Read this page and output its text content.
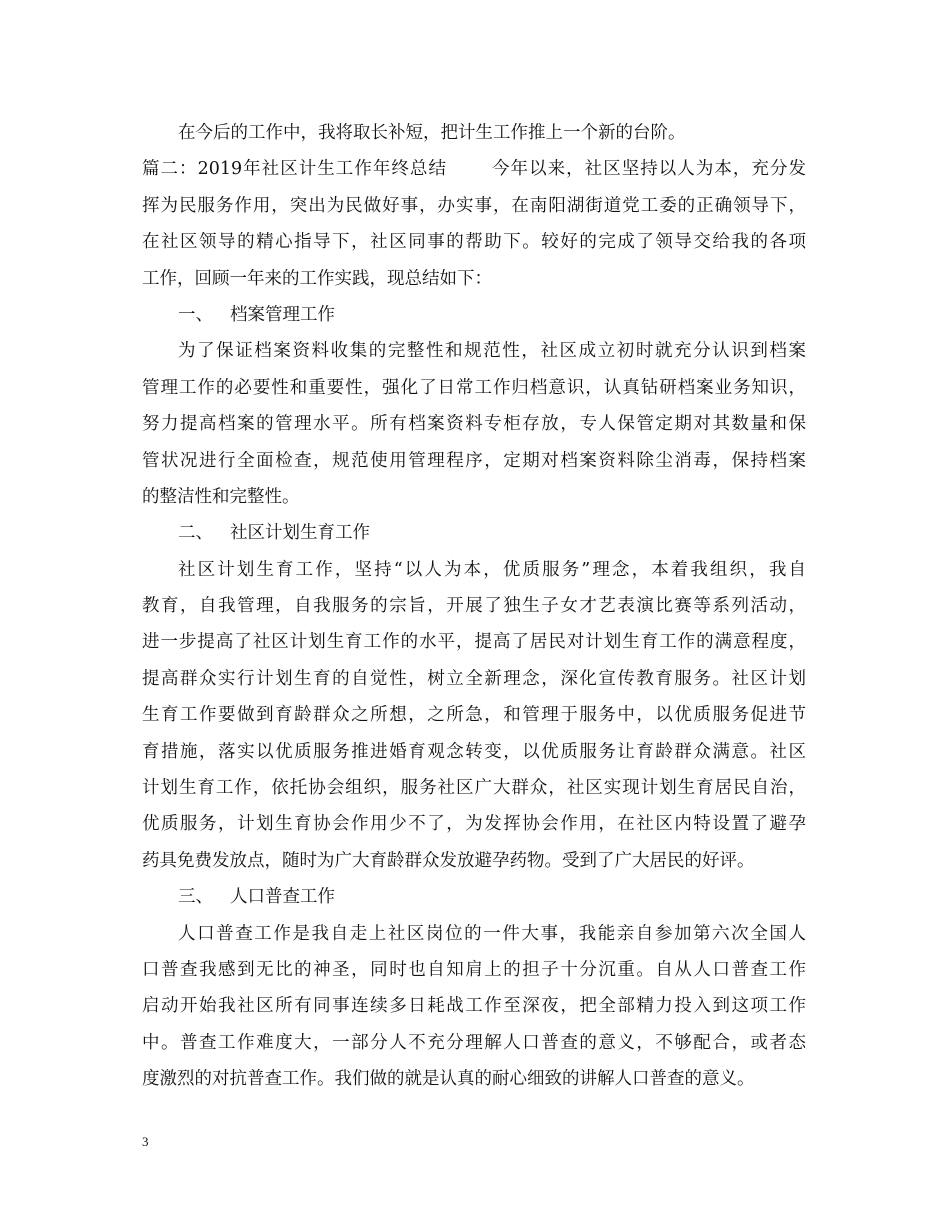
在今后的工作中，我将取长补短，把计生工作推上一个新的台阶。
篇二：2019年社区计生工作年终总结	今年以来，社区坚持以人为本，充分发
挥为民服务作用，突出为民做好事，办实事，在南阳湖街道党工委的正确领导下，
在社区领导的精心指导下，社区同事的帮助下。较好的完成了领导交给我的各项
工作，回顾一年来的工作实践，现总结如下：
一、 档案管理工作
为了保证档案资料收集的完整性和规范性，社区成立初时就充分认识到档案
管理工作的必要性和重要性，强化了日常工作归档意识，认真钻研档案业务知识，
努力提高档案的管理水平。所有档案资料专柜存放，专人保管定期对其数量和保
管状况进行全面检查，规范使用管理程序，定期对档案资料除尘消毒，保持档案
的整洁性和完整性。
二、 社区计划生育工作
社区计划生育工作，坚持“以人为本，优质服务”理念，本着我组织，我自
教育，自我管理，自我服务的宗旨，开展了独生子女才艺表演比赛等系列活动，
进一步提高了社区计划生育工作的水平，提高了居民对计划生育工作的满意程度，
提高群众实行计划生育的自觉性，树立全新理念，深化宣传教育服务。社区计划
生育工作要做到育龄群众之所想，之所急，和管理于服务中，以优质服务促进节
育措施，落实以优质服务推进婚育观念转变，以优质服务让育龄群众满意。社区
计划生育工作，依托协会组织，服务社区广大群众，社区实现计划生育居民自治，
优质服务，计划生育协会作用少不了，为发挥协会作用，在社区内特设置了避孕
药具免费发放点，随时为广大育龄群众发放避孕药物。受到了广大居民的好评。
三、 人口普查工作
人口普查工作是我自走上社区岗位的一件大事，我能亲自参加第六次全国人
口普查我感到无比的神圣，同时也自知肩上的担子十分沉重。自从人口普查工作
启动开始我社区所有同事连续多日耗战工作至深夜，把全部精力投入到这项工作
中。普查工作难度大，一部分人不充分理解人口普查的意义，不够配合，或者态
度激烈的对抗普查工作。我们做的就是认真的耐心细致的讲解人口普查的意义。
3
